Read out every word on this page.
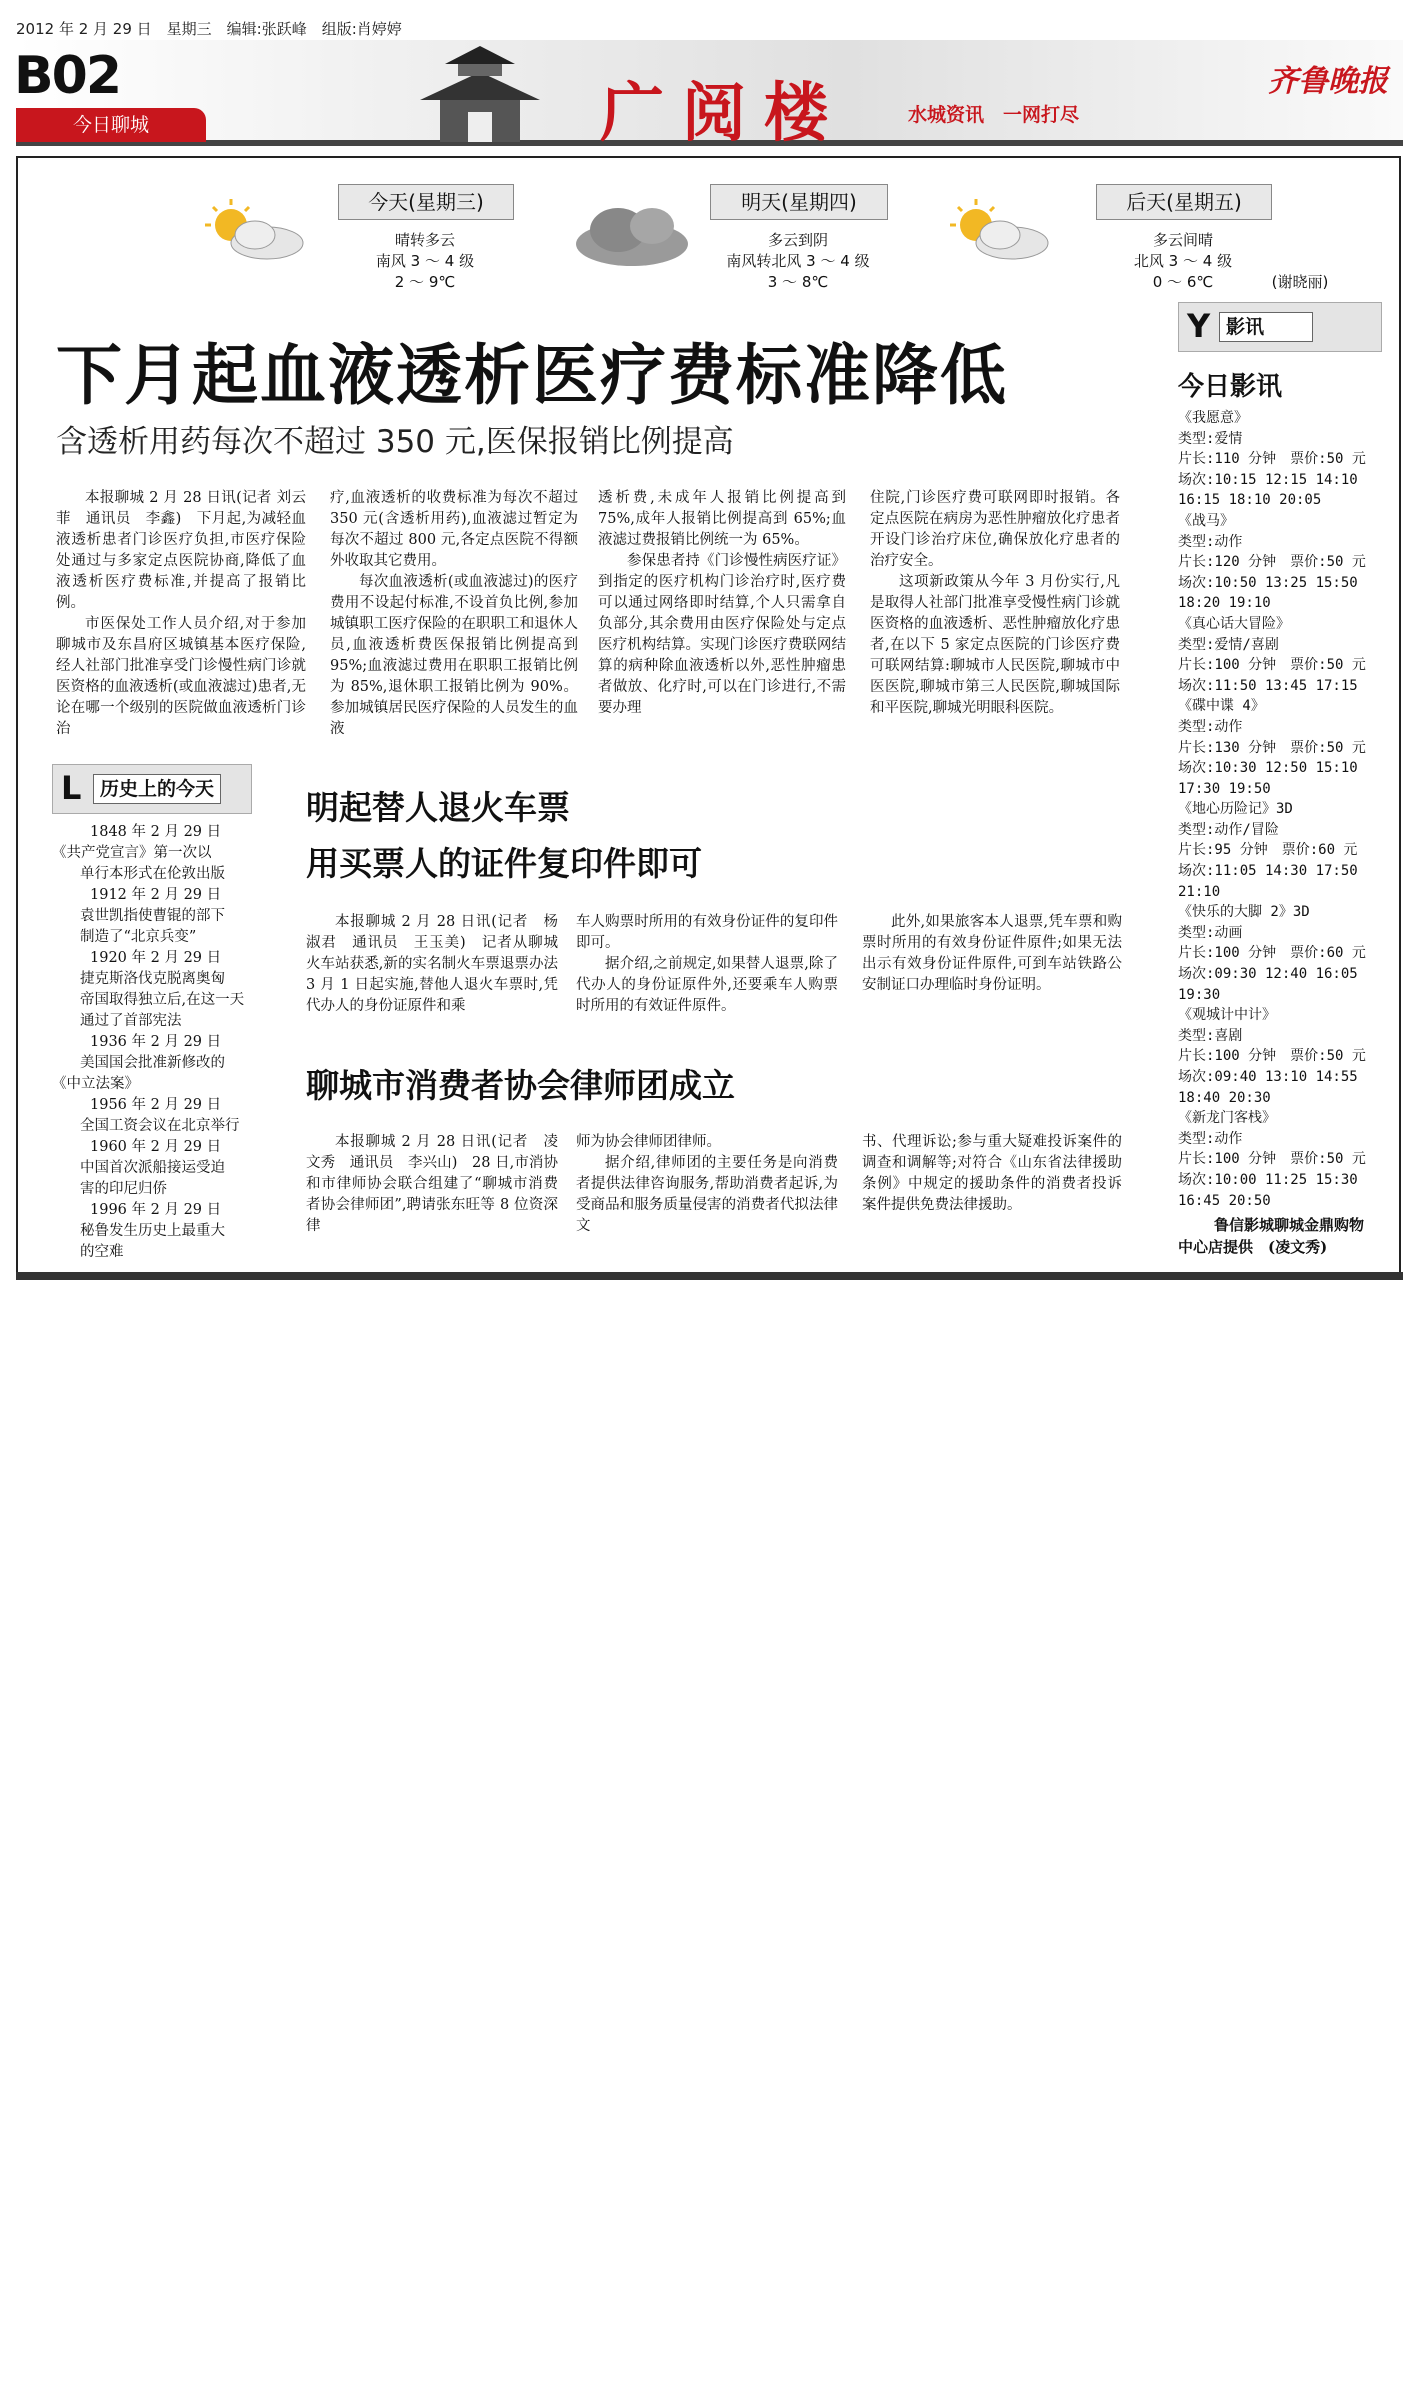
2012 年 2 月 29 日　星期三　编辑:张跃峰　组版:肖婷婷
B02
今日聊城	广阅楼	水城资讯　一网打尽
齐鲁晚报
今天(星期三)
晴转多云
南风 3 ～ 4 级
2 ～ 9℃
明天(星期四)
多云到阴
南风转北风 3 ～ 4 级
3 ～ 8℃
后天(星期五)
多云间晴
北风 3 ～ 4 级
0 ～ 6℃	(谢晓丽)
下月起血液透析医疗费标准降低
含透析用药每次不超过 350 元,医保报销比例提高

本报聊城 2 月 28 日讯(记者 刘云菲　通讯员　李鑫)　下月起,为减轻血液透析患者门诊医疗负担,市医疗保险处通过与多家定点医院协商,降低了血液透析医疗费标准,并提高了报销比例。

市医保处工作人员介绍,对于参加聊城市及东昌府区城镇基本医疗保险,经人社部门批准享受门诊慢性病门诊就医资格的血液透析(或血液滤过)患者,无论在哪一个级别的医院做血液透析门诊治

疗,血液透析的收费标准为每次不超过 350 元(含透析用药),血液滤过暂定为每次不超过 800 元,各定点医院不得额外收取其它费用。

每次血液透析(或血液滤过)的医疗费用不设起付标准,不设首负比例,参加城镇职工医疗保险的在职职工和退休人员,血液透析费医保报销比例提高到 95%;血液滤过费用在职职工报销比例为 85%,退休职工报销比例为 90%。参加城镇居民医疗保险的人员发生的血液

透析费,未成年人报销比例提高到 75%,成年人报销比例提高到 65%;血液滤过费报销比例统一为 65%。

参保患者持《门诊慢性病医疗证》到指定的医疗机构门诊治疗时,医疗费可以通过网络即时结算,个人只需拿自负部分,其余费用由医疗保险处与定点医疗机构结算。实现门诊医疗费联网结算的病种除血液透析以外,恶性肿瘤患者做放、化疗时,可以在门诊进行,不需要办理

住院,门诊医疗费可联网即时报销。各定点医院在病房为恶性肿瘤放化疗患者开设门诊治疗床位,确保放化疗患者的治疗安全。

这项新政策从今年 3 月份实行,凡是取得人社部门批准享受慢性病门诊就医资格的血液透析、恶性肿瘤放化疗患者,在以下 5 家定点医院的门诊医疗费可联网结算:聊城市人民医院,聊城市中医医院,聊城市第三人民医院,聊城国际和平医院,聊城光明眼科医院。

L 历史上的今天
1848 年 2 月 29 日
《共产党宣言》第一次以
单行本形式在伦敦出版
1912 年 2 月 29 日
袁世凯指使曹锟的部下
制造了“北京兵变”
1920 年 2 月 29 日
捷克斯洛伐克脱离奥匈
帝国取得独立后,在这一天
通过了首部宪法
1936 年 2 月 29 日
美国国会批准新修改的
《中立法案》
1956 年 2 月 29 日
全国工资会议在北京举行
1960 年 2 月 29 日
中国首次派船接运受迫
害的印尼归侨
1996 年 2 月 29 日
秘鲁发生历史上最重大
的空难
明起替人退火车票
用买票人的证件复印件即可

本报聊城 2 月 28 日讯(记者　杨淑君　通讯员　王玉美)　记者从聊城火车站获悉,新的实名制火车票退票办法 3 月 1 日起实施,替他人退火车票时,凭代办人的身份证原件和乘

车人购票时所用的有效身份证件的复印件即可。

据介绍,之前规定,如果替人退票,除了代办人的身份证原件外,还要乘车人购票时所用的有效证件原件。

此外,如果旅客本人退票,凭车票和购票时所用的有效身份证件原件;如果无法出示有效身份证件原件,可到车站铁路公安制证口办理临时身份证明。

聊城市消费者协会律师团成立

本报聊城 2 月 28 日讯(记者　凌文秀　通讯员　李兴山)　28 日,市消协和市律师协会联合组建了“聊城市消费者协会律师团”,聘请张东旺等 8 位资深律

师为协会律师团律师。

据介绍,律师团的主要任务是向消费者提供法律咨询服务,帮助消费者起诉,为受商品和服务质量侵害的消费者代拟法律文

书、代理诉讼;参与重大疑难投诉案件的调查和调解等;对符合《山东省法律援助条例》中规定的援助条件的消费者投诉案件提供免费法律援助。

Y 影讯
今日影讯
《我愿意》
类型:爱情
片长:110 分钟　票价:50 元
场次:10:15 12:15 14:10
16:15 18:10 20:05
《战马》
类型:动作
片长:120 分钟　票价:50 元
场次:10:50 13:25 15:50
18:20 19:10
《真心话大冒险》
类型:爱情/喜剧
片长:100 分钟　票价:50 元
场次:11:50 13:45 17:15
《碟中谍 4》
类型:动作
片长:130 分钟　票价:50 元
场次:10:30 12:50 15:10
17:30 19:50
《地心历险记》3D
类型:动作/冒险
片长:95 分钟　票价:60 元
场次:11:05 14:30 17:50
21:10
《快乐的大脚 2》3D
类型:动画
片长:100 分钟　票价:60 元
场次:09:30 12:40 16:05
19:30
《观城计中计》
类型:喜剧
片长:100 分钟　票价:50 元
场次:09:40 13:10 14:55
18:40 20:30
《新龙门客栈》
类型:动作
片长:100 分钟　票价:50 元
场次:10:00 11:25 15:30
16:45 20:50
鲁信影城聊城金鼎购物
中心店提供　(凌文秀)
